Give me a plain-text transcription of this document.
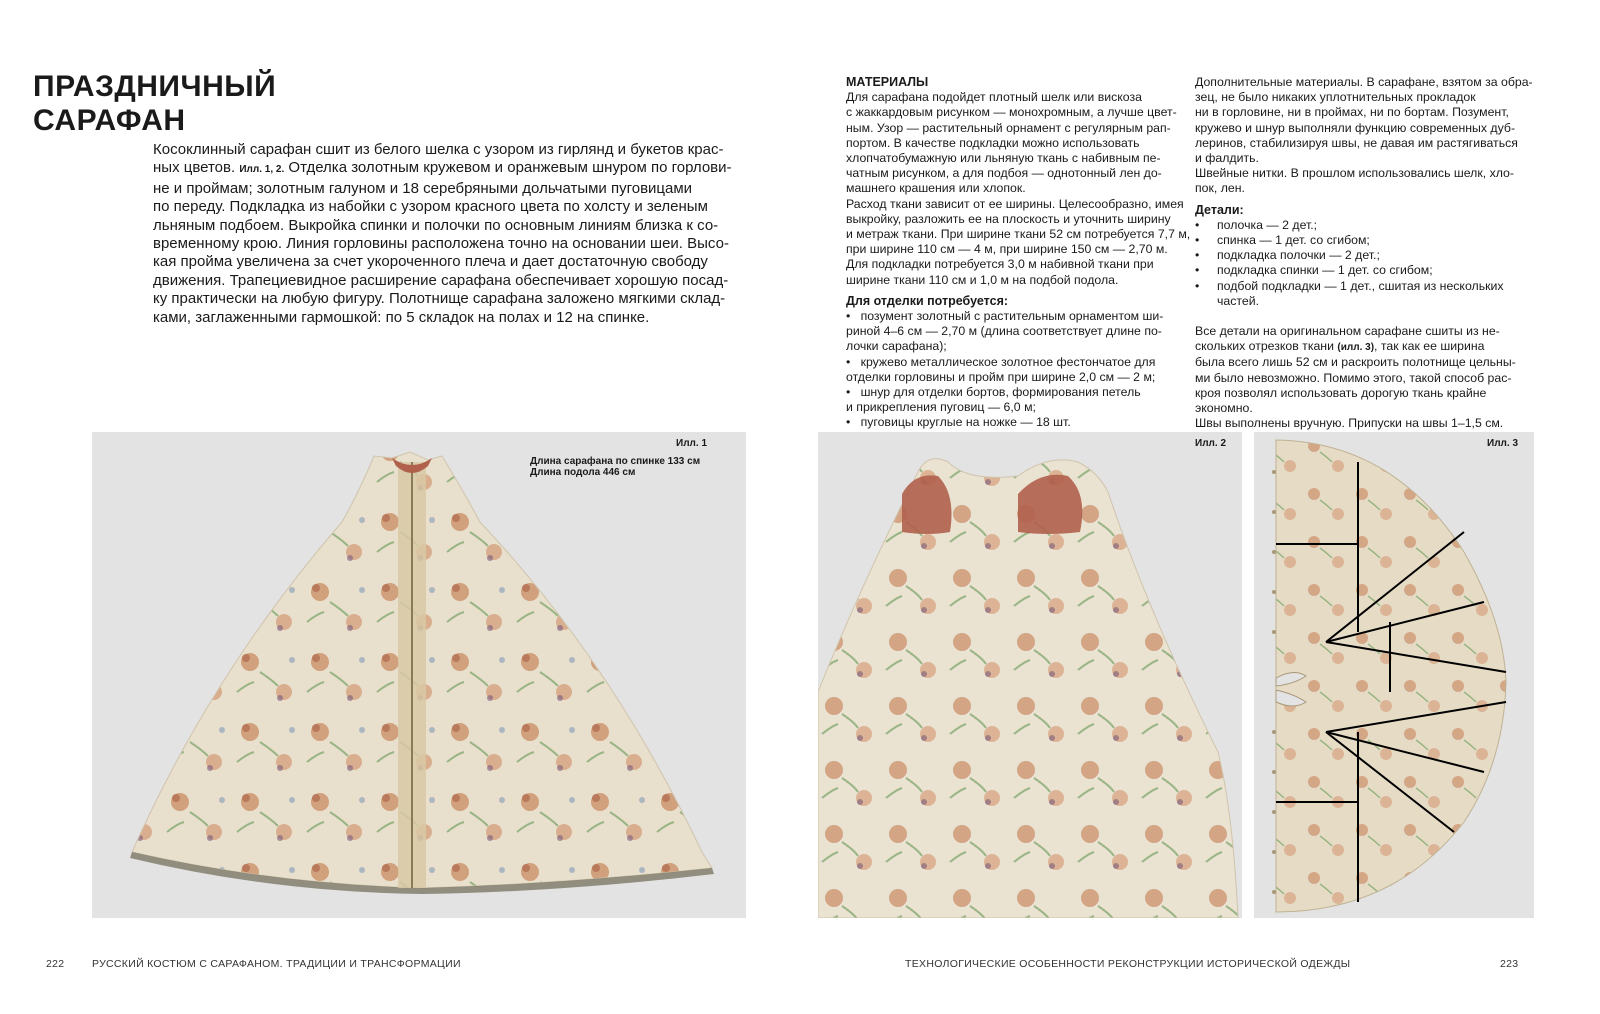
ПРАЗДНИЧНЫЙ
САРАФАН
Косоклинный сарафан сшит из белого шелка с узором из гирлянд и букетов крас-
ных цветов. Илл. 1, 2. Отделка золотным кружевом и оранжевым шнуром по горлови-
не и проймам; золотным галуном и 18 серебряными дольчатыми пуговицами
по переду. Подкладка из набойки с узором красного цвета по холсту и зеленым
льняным подбоем. Выкройка спинки и полочки по основным линиям близка к со-
временному крою. Линия горловины расположена точно на основании шеи. Высо-
кая пройма увеличена за счет укороченного плеча и дает достаточную свободу
движения. Трапециевидное расширение сарафана обеспечивает хорошую посад-
ку практически на любую фигуру. Полотнище сарафана заложено мягкими склад-
ками, заглаженными гармошкой: по 5 складок на полах и 12 на спинке.
Илл. 1
Длина сарафана по спинке 133 см
Длина подола 446 см
222	РУССКИЙ КОСТЮМ С САРАФАНОМ. ТРАДИЦИИ И ТРАНСФОРМАЦИИ
МАТЕРИАЛЫ
Для сарафана подойдет плотный шелк или вискоза
с жаккардовым рисунком — монохромным, а лучше цвет-
ным. Узор — растительный орнамент с регулярным рап-
портом. В качестве подкладки можно использовать
хлопчатобумажную или льняную ткань с набивным пе-
чатным рисунком, а для подбоя — однотонный лен до-
машнего крашения или хлопок.
Расход ткани зависит от ее ширины. Целесообразно, имея
выкройку, разложить ее на плоскость и уточнить ширину
и метраж ткани. При ширине ткани 52 см потребуется 7,7 м,
при ширине 110 см — 4 м, при ширине 150 см — 2,70 м.
Для подкладки потребуется 3,0 м набивной ткани при
ширине ткани 110 см и 1,0 м на подбой подола.
Для отделки потребуется:
• позумент золотный с растительным орнаментом ши-
риной 4–6 см — 2,70 м (длина соответствует длине по-
лочки сарафана);
• кружево металлическое золотное фестончатое для
отделки горловины и пройм при ширине 2,0 см — 2 м;
• шнур для отделки бортов, формирования петель
и прикрепления пуговиц — 6,0 м;
• пуговицы круглые на ножке — 18 шт.
Дополнительные материалы. В сарафане, взятом за обра-
зец, не было никаких уплотнительных прокладок
ни в горловине, ни в проймах, ни по бортам. Позумент,
кружево и шнур выполняли функцию современных дуб-
леринов, стабилизируя швы, не давая им растягиваться
и фалдить.
Швейные нитки. В прошлом использовались шелк, хло-
пок, лен.
Детали:
•	полочка — 2 дет.;
•	спинка — 1 дет. со сгибом;
•	подкладка полочки — 2 дет.;
•	подкладка спинки — 1 дет. со сгибом;
•	подбой подкладки — 1 дет., сшитая из нескольких
частей.
Все детали на оригинальном сарафане сшиты из не-
скольких отрезков ткани (илл. 3), так как ее ширина
была всего лишь 52 см и раскроить полотнище цельны-
ми было невозможно. Помимо этого, такой способ рас-
кроя позволял использовать дорогую ткань крайне
экономно.
Швы выполнены вручную. Припуски на швы 1–1,5 см.
Илл. 2	Илл. 3
ТЕХНОЛОГИЧЕСКИЕ ОСОБЕННОСТИ РЕКОНСТРУКЦИИ ИСТОРИЧЕСКОЙ ОДЕЖДЫ	223
